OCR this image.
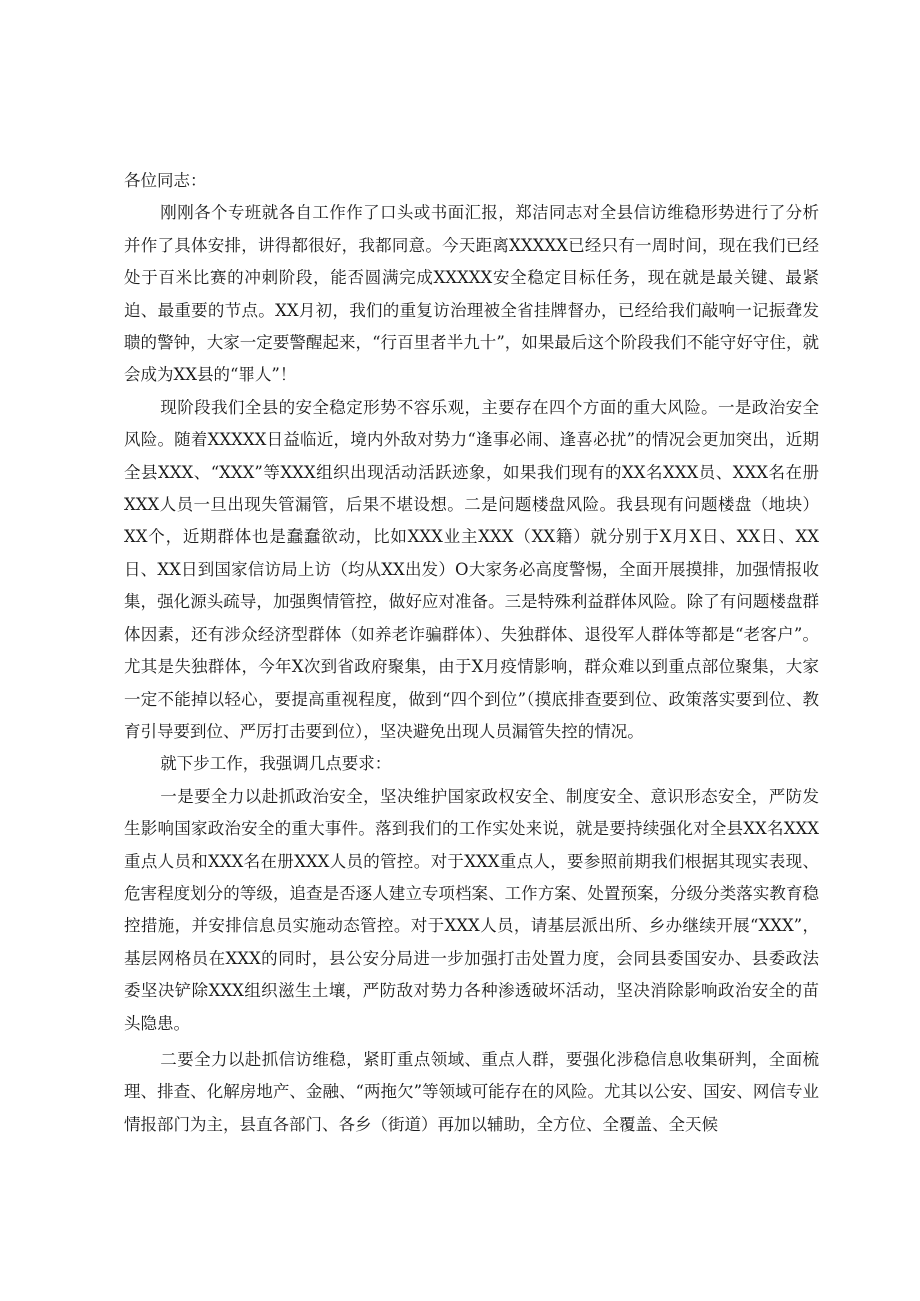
各位同志：

刚刚各个专班就各自工作作了口头或书面汇报，郑洁同志对全县信访维稳形势进行了分析并作了具体安排，讲得都很好，我都同意。今天距离XXXXX已经只有一周时间，现在我们已经处于百米比赛的冲刺阶段，能否圆满完成XXXXX安全稳定目标任务，现在就是最关键、最紧迫、最重要的节点。XX月初，我们的重复访治理被全省挂牌督办，已经给我们敲响一记振聋发聩的警钟，大家一定要警醒起来，“行百里者半九十”，如果最后这个阶段我们不能守好守住，就会成为XX县的“罪人”！

现阶段我们全县的安全稳定形势不容乐观，主要存在四个方面的重大风险。一是政治安全风险。随着XXXXX日益临近，境内外敌对势力“逢事必闹、逢喜必扰”的情况会更加突出，近期全县XXX、“XXX”等XXX组织出现活动活跃迹象，如果我们现有的XX名XXX员、XXX名在册XXX人员一旦出现失管漏管，后果不堪设想。二是问题楼盘风险。我县现有问题楼盘（地块）XX个，近期群体也是蠢蠢欲动，比如XXX业主XXX（XX籍）就分别于X月X日、XX日、XX日、XX日到国家信访局上访（均从XX出发）O大家务必高度警惕，全面开展摸排，加强情报收集，强化源头疏导，加强舆情管控，做好应对准备。三是特殊利益群体风险。除了有问题楼盘群体因素，还有涉众经济型群体（如养老诈骗群体）、失独群体、退役军人群体等都是“老客户”。尤其是失独群体，今年X次到省政府聚集，由于X月疫情影响，群众难以到重点部位聚集，大家一定不能掉以轻心，要提高重视程度，做到“四个到位”（摸底排查要到位、政策落实要到位、教育引导要到位、严厉打击要到位），坚决避免出现人员漏管失控的情况。

就下步工作，我强调几点要求：

一是要全力以赴抓政治安全，坚决维护国家政权安全、制度安全、意识形态安全，严防发生影响国家政治安全的重大事件。落到我们的工作实处来说，就是要持续强化对全县XX名XXX重点人员和XXX名在册XXX人员的管控。对于XXX重点人，要参照前期我们根据其现实表现、危害程度划分的等级，追查是否逐人建立专项档案、工作方案、处置预案，分级分类落实教育稳控措施，并安排信息员实施动态管控。对于XXX人员，请基层派出所、乡办继续开展“XXX”，基层网格员在XXX的同时，县公安分局进一步加强打击处置力度，会同县委国安办、县委政法委坚决铲除XXX组织滋生土壤，严防敌对势力各种渗透破坏活动，坚决消除影响政治安全的苗头隐患。

二要全力以赴抓信访维稳，紧盯重点领域、重点人群，要强化涉稳信息收集研判，全面梳理、排查、化解房地产、金融、“两拖欠”等领域可能存在的风险。尤其以公安、国安、网信专业情报部门为主，县直各部门、各乡（街道）再加以辅助，全方位、全覆盖、全天候
